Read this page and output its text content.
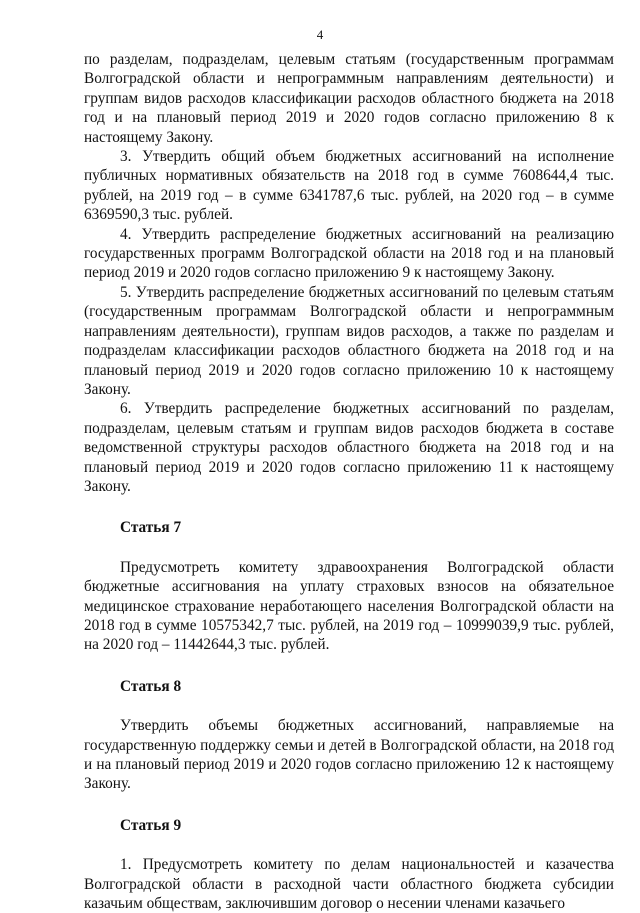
4

по разделам, подразделам, целевым статьям (государственным программам Волгоградской области и непрограммным направлениям деятельности) и группам видов расходов классификации расходов областного бюджета на 2018 год и на плановый период 2019 и 2020 годов согласно приложению 8 к настоящему Закону.

3. Утвердить общий объем бюджетных ассигнований на исполнение публичных нормативных обязательств на 2018 год в сумме 7608644,4 тыс. рублей, на 2019 год – в сумме 6341787,6 тыс. рублей, на 2020 год – в сумме 6369590,3 тыс. рублей.

4. Утвердить распределение бюджетных ассигнований на реализацию государственных программ Волгоградской области на 2018 год и на плановый период 2019 и 2020 годов согласно приложению 9 к настоящему Закону.

5. Утвердить распределение бюджетных ассигнований по целевым статьям (государственным программам Волгоградской области и непрограммным направлениям деятельности), группам видов расходов, а также по разделам и подразделам классификации расходов областного бюджета на 2018 год и на плановый период 2019 и 2020 годов согласно приложению 10 к настоящему Закону.

6. Утвердить распределение бюджетных ассигнований по разделам, подразделам, целевым статьям и группам видов расходов бюджета в составе ведомственной структуры расходов областного бюджета на 2018 год и на плановый период 2019 и 2020 годов согласно приложению 11 к настоящему Закону.

Статья 7

Предусмотреть комитету здравоохранения Волгоградской области бюджетные ассигнования на уплату страховых взносов на обязательное медицинское страхование неработающего населения Волгоградской области на 2018 год в сумме 10575342,7 тыс. рублей, на 2019 год – 10999039,9 тыс. рублей, на 2020 год – 11442644,3 тыс. рублей.

Статья 8

Утвердить объемы бюджетных ассигнований, направляемые на государственную поддержку семьи и детей в Волгоградской области, на 2018 год и на плановый период 2019 и 2020 годов согласно приложению 12 к настоящему Закону.

Статья 9

1. Предусмотреть комитету по делам национальностей и казачества Волгоградской области в расходной части областного бюджета субсидии казачьим обществам, заключившим договор о несении членами казачьего
